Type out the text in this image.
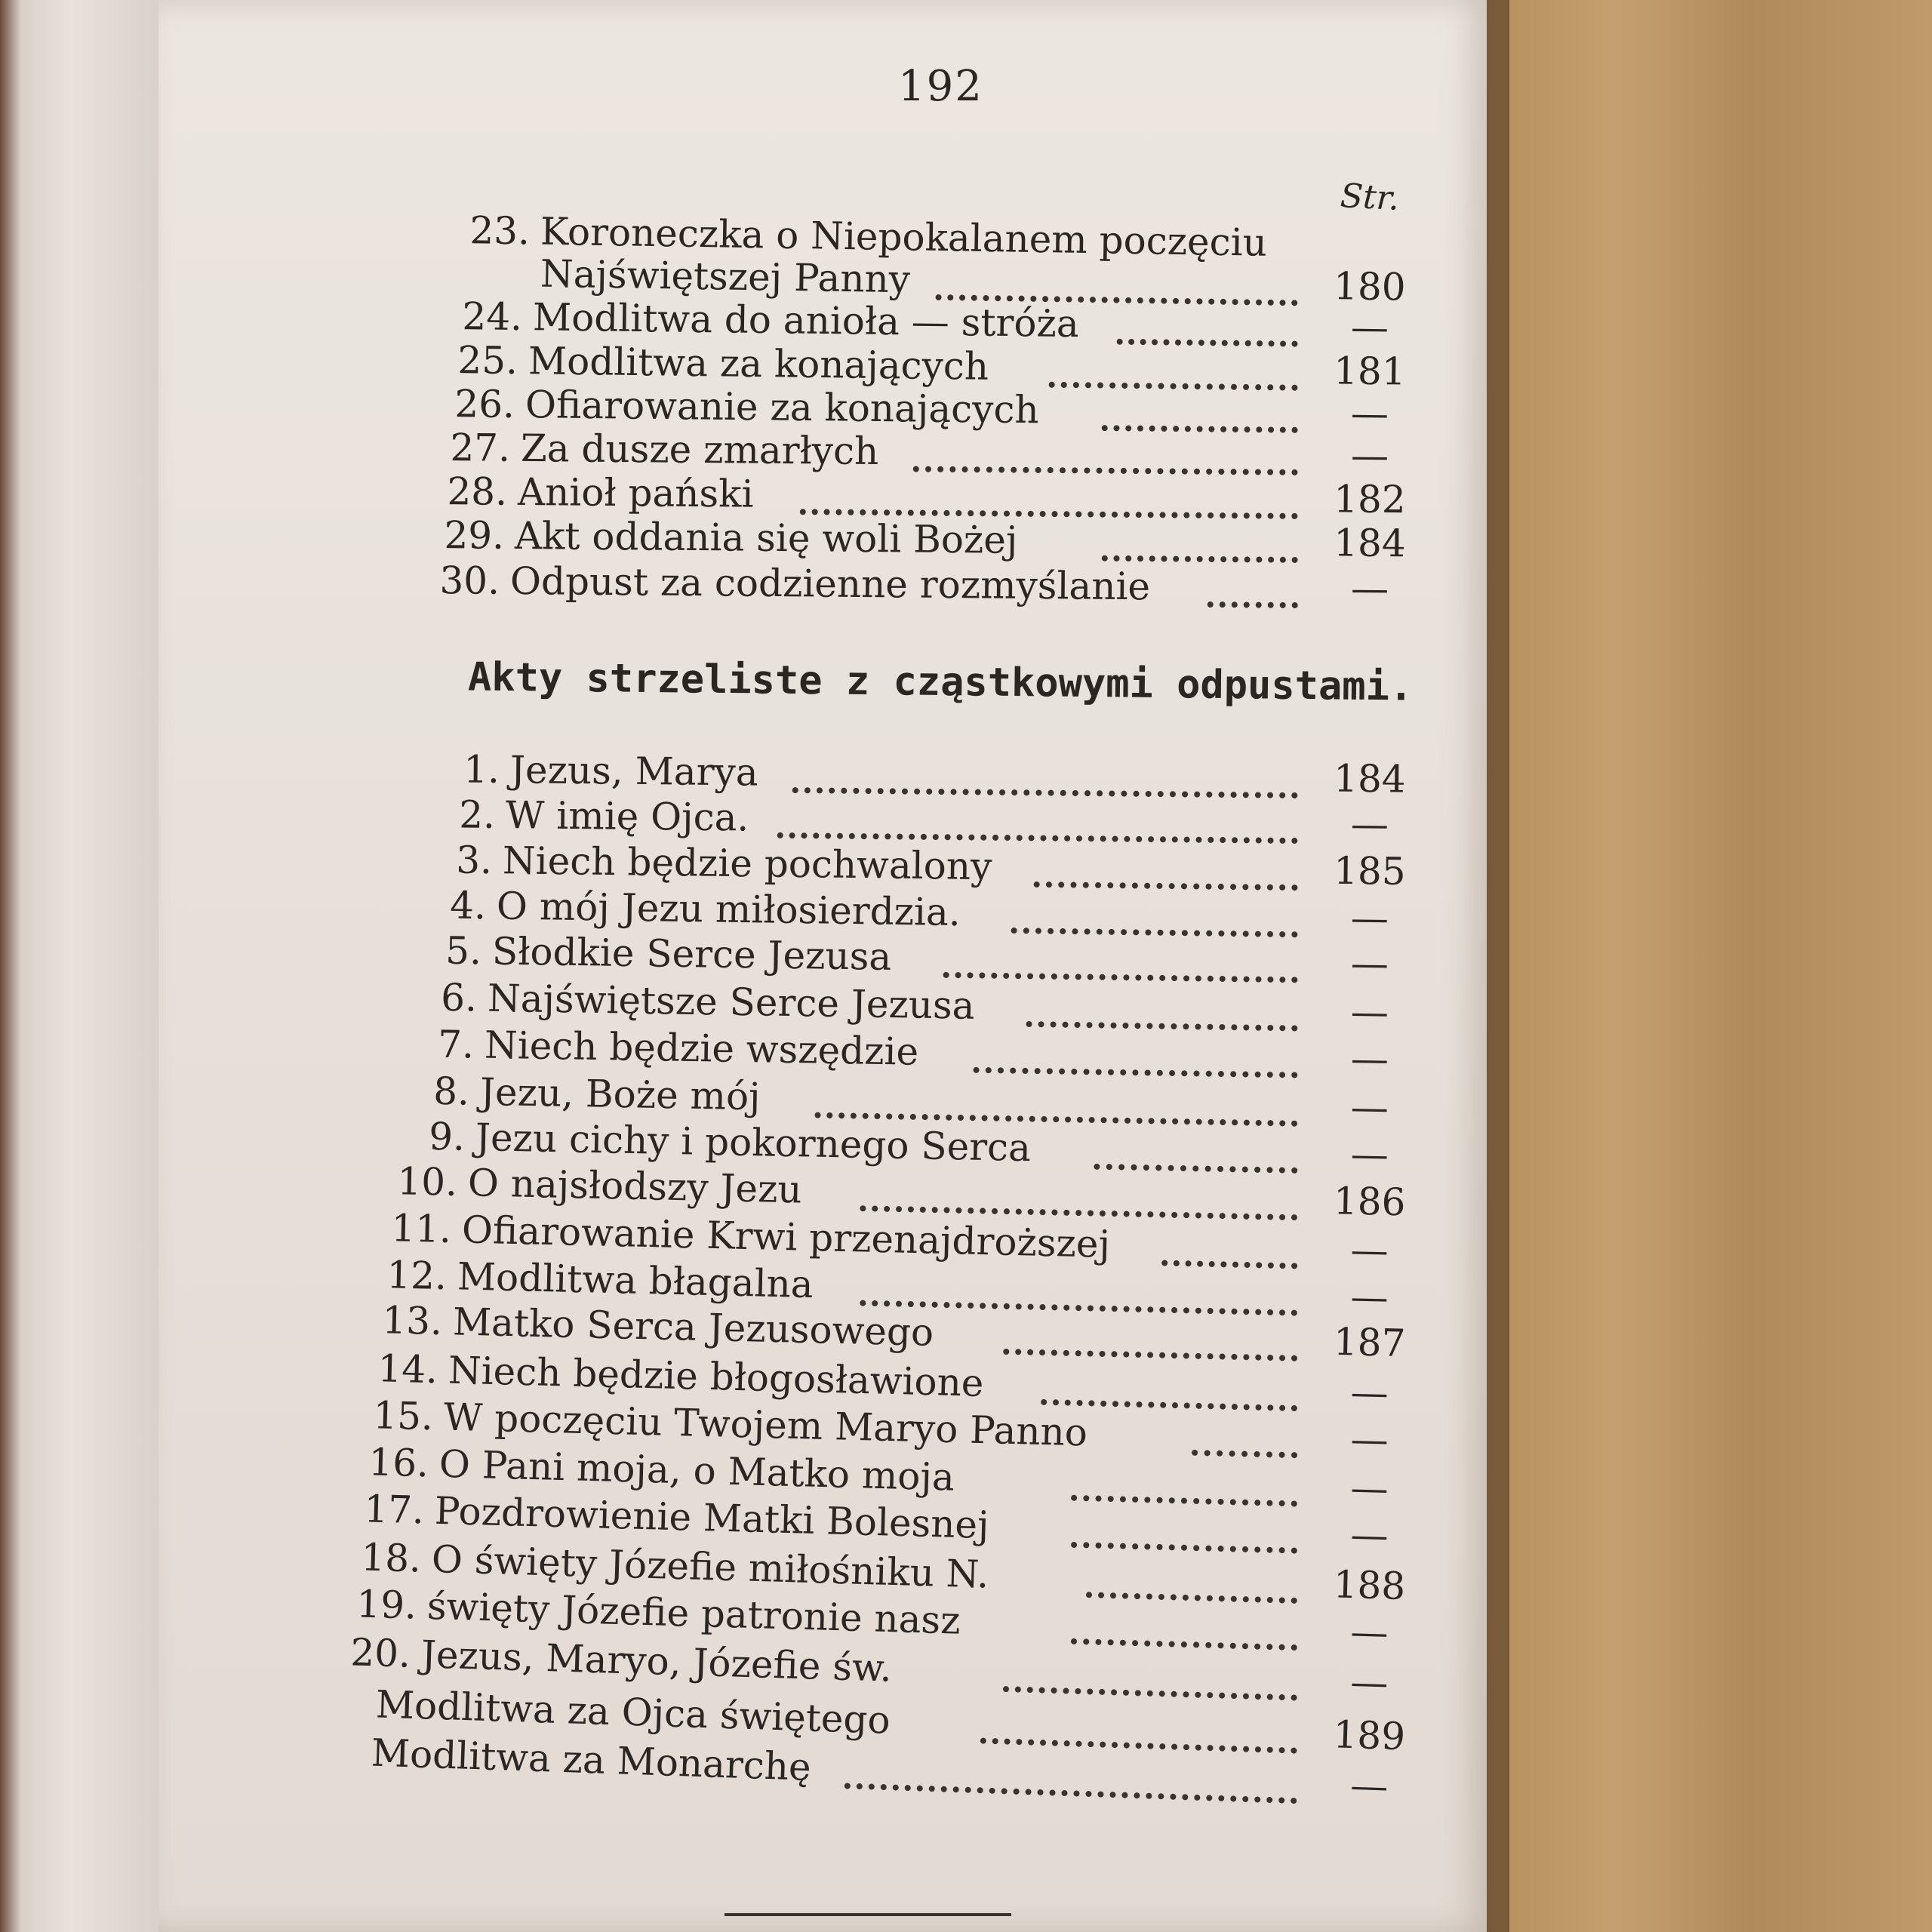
192
Str.
23. Koroneczka o Niepokalanem poczęciu
Najświętszej Panny	180
24. Modlitwa do anioła — stróża	—
25. Modlitwa za konających	181
26. Ofiarowanie za konających	—
27. Za dusze zmarłych	—
28. Anioł pański	182
29. Akt oddania się woli Bożej	184
30. Odpust za codzienne rozmyślanie	—
Akty strzeliste z cząstkowymi odpustami.
1. Jezus, Marya	184
2. W imię Ojca.	—
3. Niech będzie pochwalony	185
4. O mój Jezu miłosierdzia.	—
5. Słodkie Serce Jezusa	—
6. Najświętsze Serce Jezusa	—
7. Niech będzie wszędzie	—
8. Jezu, Boże mój	—
9. Jezu cichy i pokornego Serca	—
10. O najsłodszy Jezu	186
11. Ofiarowanie Krwi przenajdroższej	—
12. Modlitwa błagalna	—
13. Matko Serca Jezusowego	187
14. Niech będzie błogosławione	—
15. W poczęciu Twojem Maryo Panno	—
16. O Pani moja, o Matko moja	—
17. Pozdrowienie Matki Bolesnej	—
18. O święty Józefie miłośniku N.	188
19. święty Józefie patronie nasz	—
20. Jezus, Maryo, Józefie św.	—
Modlitwa za Ojca świętego	189
Modlitwa za Monarchę	—
